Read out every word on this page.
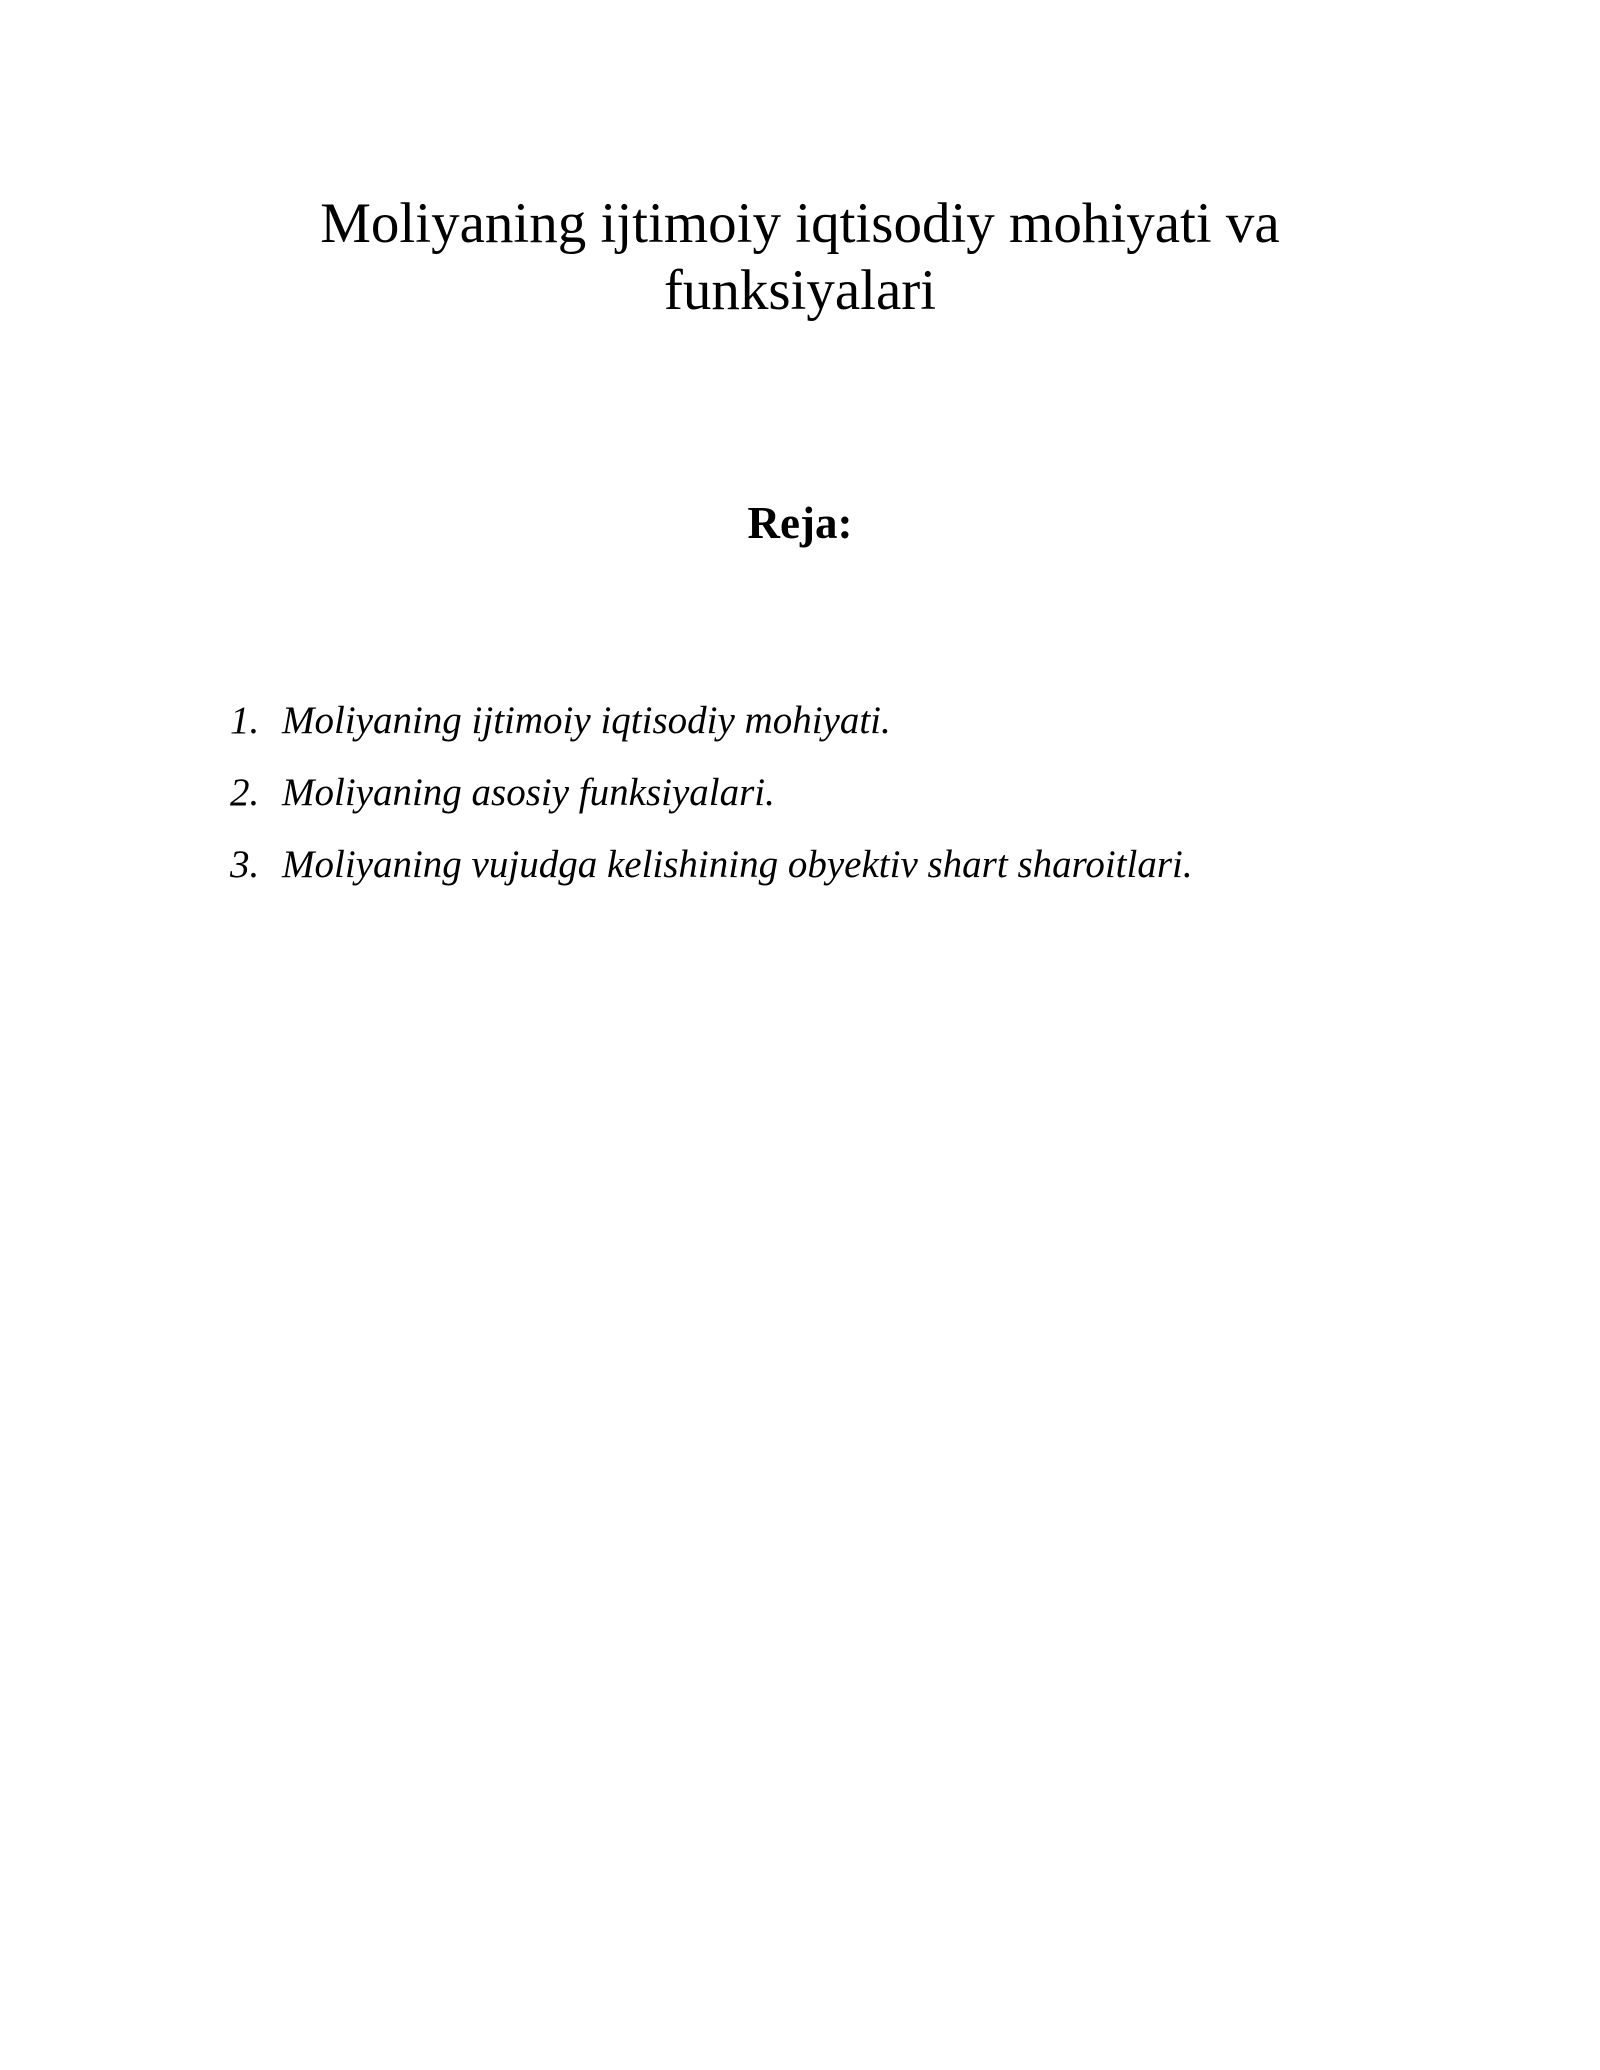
Moliyaning ijtimoiy iqtisodiy mohiyati va
funksiyalari
Reja:
1. Moliyaning ijtimoiy iqtisodiy mohiyati.
2. Moliyaning asosiy funksiyalari.
3. Moliyaning vujudga kelishining obyektiv shart sharoitlari.
